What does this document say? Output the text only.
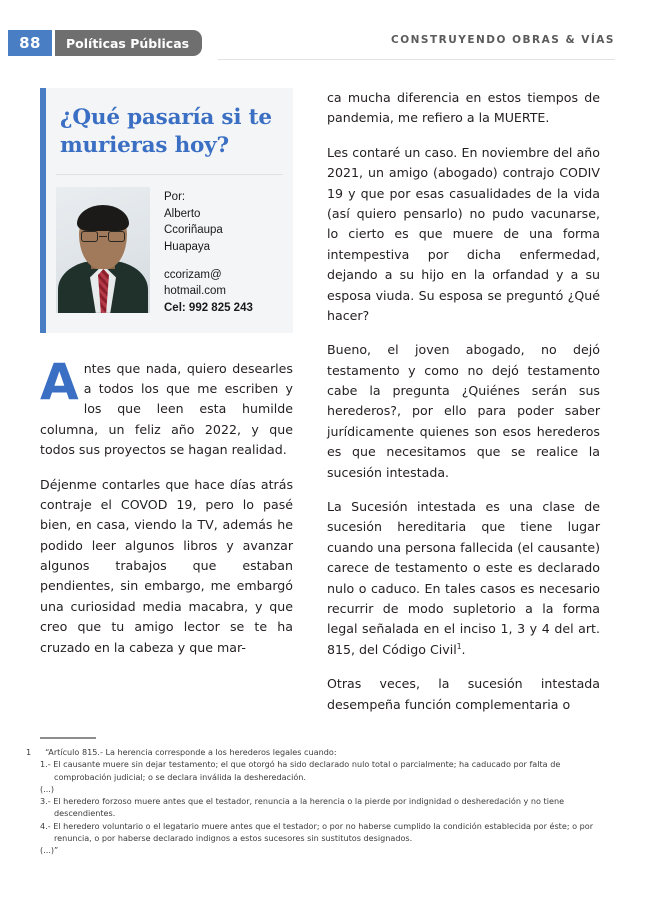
88	Políticas Públicas	CONSTRUYENDO OBRAS & VÍAS
¿Qué pasaría si te murieras hoy?
Por:
Alberto
Ccoriñaupa
Huapaya
ccorizam@
hotmail.com
Cel: 992 825 243

Antes que nada, quiero desearles a todos los que me escriben y los que leen esta humilde columna, un feliz año 2022, y que todos sus proyectos se hagan realidad.

Déjenme contarles que hace días atrás contraje el COVOD 19, pero lo pasé bien, en casa, viendo la TV, además he podido leer algunos libros y avanzar algunos trabajos que estaban pendientes, sin embargo, me embargó una curiosidad media macabra, y que creo que tu amigo lector se te ha cruzado en la cabeza y que mar-

ca mucha diferencia en estos tiempos de pandemia, me refiero a la MUERTE.

Les contaré un caso. En noviembre del año 2021, un amigo (abogado) contrajo CODIV 19 y que por esas casualidades de la vida (así quiero pensarlo) no pudo vacunarse, lo cierto es que muere de una forma intempestiva por dicha enfermedad, dejando a su hijo en la orfandad y a su esposa viuda. Su esposa se preguntó ¿Qué hacer?

Bueno, el joven abogado, no dejó testamento y como no dejó testamento cabe la pregunta ¿Quiénes serán sus herederos?, por ello para poder saber jurídicamente quienes son esos herederos es que necesitamos que se realice la sucesión intestada.

La Sucesión intestada es una clase de sucesión hereditaria que tiene lugar cuando una persona fallecida (el causante) carece de testamento o este es declarado nulo o caduco. En tales casos es necesario recurrir de modo supletorio a la forma legal señalada en el inciso 1, 3 y 4 del art. 815, del Código Civil$^1$.

Otras veces, la sucesión intestada desempeña función complementaria o

1 “Artículo 815.- La herencia corresponde a los herederos legales cuando:
1.- El causante muere sin dejar testamento; el que otorgó ha sido declarado nulo total o parcialmente; ha caducado por falta de comprobación judicial; o se declara inválida la desheredación.
(...)
3.- El heredero forzoso muere antes que el testador, renuncia a la herencia o la pierde por indignidad o desheredación y no tiene descendientes.
4.- El heredero voluntario o el legatario muere antes que el testador; o por no haberse cumplido la condición establecida por éste; o por renuncia, o por haberse declarado indignos a estos sucesores sin sustitutos designados.
(...)”
